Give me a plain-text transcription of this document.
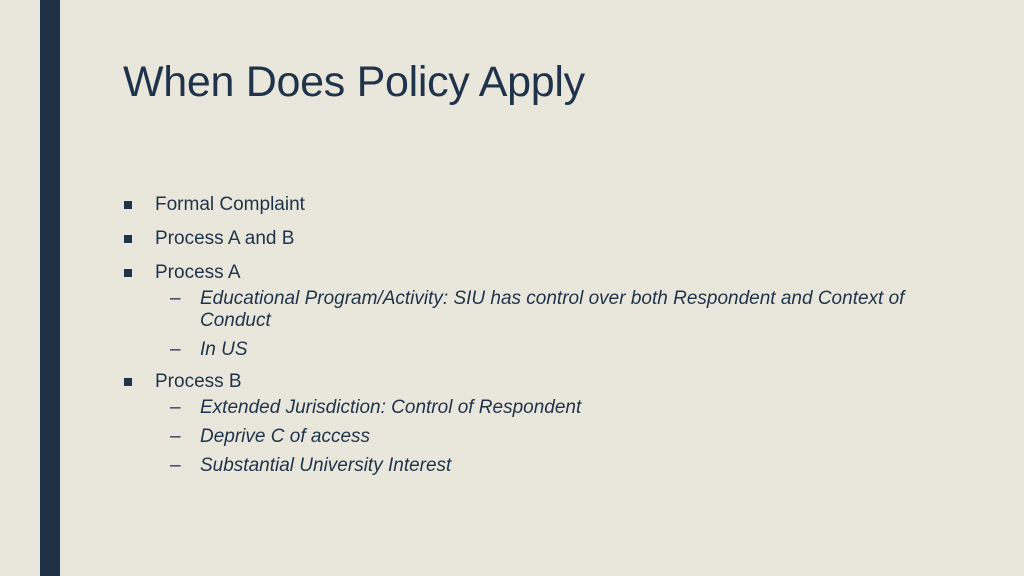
When Does Policy Apply
Formal Complaint
Process A and B
Process A
– Educational Program/Activity: SIU has control over both Respondent and Context of Conduct
– In US
Process B
– Extended Jurisdiction: Control of Respondent
– Deprive C of access
– Substantial University Interest
